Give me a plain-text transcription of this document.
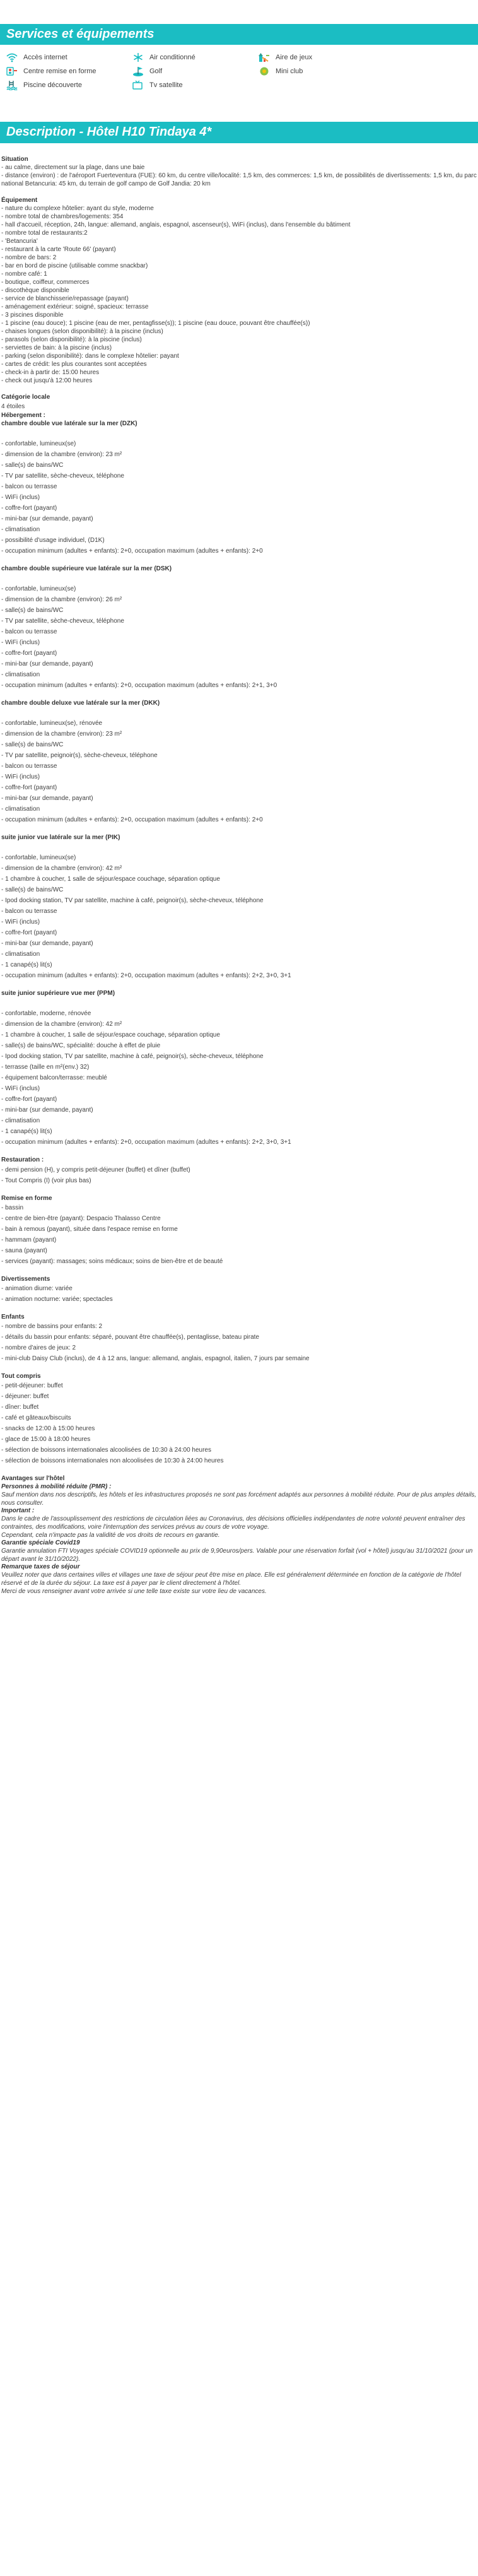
Services et équipements
Accès internet	Air conditionné	Aire de jeux
Centre remise en forme	Golf	Mini club
Piscine découverte	Tv satellite
Description - Hôtel H10 Tindaya 4*

Situation

- au calme, directement sur la plage, dans une baie

- distance (environ) : de l'aéroport Fuerteventura (FUE): 60 km, du centre ville/localité: 1,5 km, des commerces: 1,5 km, de possibilités de divertissements: 1,5 km, du parc national Betancuria: 45 km, du terrain de golf campo de Golf Jandia: 20 km

Équipement

- nature du complexe hôtelier: ayant du style, moderne

- nombre total de chambres/logements: 354

- hall d'accueil, réception, 24h, langue: allemand, anglais, espagnol, ascenseur(s), WiFi (inclus), dans l'ensemble du bâtiment

- nombre total de restaurants:2

- 'Betancuria'

- restaurant à la carte 'Route 66' (payant)

- nombre de bars: 2

- bar en bord de piscine (utilisable comme snackbar)

- nombre café: 1

- boutique, coiffeur, commerces

- discothèque disponible

- service de blanchisserie/repassage (payant)

- aménagement extérieur: soigné, spacieux: terrasse

- 3 piscines disponible

- 1 piscine (eau douce); 1 piscine (eau de mer, pentagfisse(s)); 1 piscine (eau douce, pouvant être chauffée(s))

- chaises longues (selon disponibilité): à la piscine (inclus)

- parasols (selon disponibilité): à la piscine (inclus)

- serviettes de bain: à la piscine (inclus)

- parking (selon disponibilité): dans le complexe hôtelier: payant

- cartes de crédit: les plus courantes sont acceptées

- check-in à partir de: 15:00 heures

- check out jusqu'à 12:00 heures

Catégorie locale

4 étoiles

Hébergement :

chambre double vue latérale sur la mer (DZK)

- confortable, lumineux(se)

- dimension de la chambre (environ): 23 m²

- salle(s) de bains/WC

- TV par satellite, sèche-cheveux, téléphone

- balcon ou terrasse

- WiFi (inclus)

- coffre-fort (payant)

- mini-bar (sur demande, payant)

- climatisation

- possibilité d'usage individuel, (D1K)

- occupation minimum (adultes + enfants): 2+0, occupation maximum (adultes + enfants): 2+0

chambre double supérieure vue latérale sur la mer (DSK)

- confortable, lumineux(se)

- dimension de la chambre (environ): 26 m²

- salle(s) de bains/WC

- TV par satellite, sèche-cheveux, téléphone

- balcon ou terrasse

- WiFi (inclus)

- coffre-fort (payant)

- mini-bar (sur demande, payant)

- climatisation

- occupation minimum (adultes + enfants): 2+0, occupation maximum (adultes + enfants): 2+1, 3+0

chambre double deluxe vue latérale sur la mer (DKK)

- confortable, lumineux(se), rénovée

- dimension de la chambre (environ): 23 m²

- salle(s) de bains/WC

- TV par satellite, peignoir(s), sèche-cheveux, téléphone

- balcon ou terrasse

- WiFi (inclus)

- coffre-fort (payant)

- mini-bar (sur demande, payant)

- climatisation

- occupation minimum (adultes + enfants): 2+0, occupation maximum (adultes + enfants): 2+0

suite junior vue latérale sur la mer (PIK)

- confortable, lumineux(se)

- dimension de la chambre (environ): 42 m²

- 1 chambre à coucher, 1 salle de séjour/espace couchage, séparation optique

- salle(s) de bains/WC

- Ipod docking station, TV par satellite, machine à café, peignoir(s), sèche-cheveux, téléphone

- balcon ou terrasse

- WiFi (inclus)

- coffre-fort (payant)

- mini-bar (sur demande, payant)

- climatisation

- 1 canapé(s) lit(s)

- occupation minimum (adultes + enfants): 2+0, occupation maximum (adultes + enfants): 2+2, 3+0, 3+1

suite junior supérieure vue mer (PPM)

- confortable, moderne, rénovée

- dimension de la chambre (environ): 42 m²

- 1 chambre à coucher, 1 salle de séjour/espace couchage, séparation optique

- salle(s) de bains/WC, spécialité: douche à effet de pluie

- Ipod docking station, TV par satellite, machine à café, peignoir(s), sèche-cheveux, téléphone

- terrasse (taille en m²(env.) 32)

- équipement balcon/terrasse: meublé

- WiFi (inclus)

- coffre-fort (payant)

- mini-bar (sur demande, payant)

- climatisation

- 1 canapé(s) lit(s)

- occupation minimum (adultes + enfants): 2+0, occupation maximum (adultes + enfants): 2+2, 3+0, 3+1

Restauration :

- demi pension (H), y compris petit-déjeuner (buffet) et dîner (buffet)

- Tout Compris (I) (voir plus bas)

Remise en forme

- bassin

- centre de bien-être (payant): Despacio Thalasso Centre

- bain à remous (payant), située dans l'espace remise en forme

- hammam (payant)

- sauna (payant)

- services (payant): massages; soins médicaux; soins de bien-être et de beauté

Divertissements

- animation diurne: variée

- animation nocturne: variée; spectacles

Enfants

- nombre de bassins pour enfants: 2

- détails du bassin pour enfants: séparé, pouvant être chauffée(s), pentaglisse, bateau pirate

- nombre d'aires de jeux: 2

- mini-club Daisy Club (inclus), de 4 à 12 ans, langue: allemand, anglais, espagnol, italien, 7 jours par semaine

Tout compris

- petit-déjeuner: buffet

- déjeuner: buffet

- dîner: buffet

- café et gâteaux/biscuits

- snacks de 12:00 à 15:00 heures

- glace de 15:00 à 18:00 heures

- sélection de boissons internationales alcoolisées de 10:30 à 24:00 heures

- sélection de boissons internationales non alcoolisées de 10:30 à 24:00 heures

Avantages sur l'hôtel

Personnes à mobilité réduite (PMR) :

Sauf mention dans nos descriptifs, les hôtels et les infrastructures proposés ne sont pas forcément adaptés aux personnes à mobilité réduite. Pour de plus amples détails, nous consulter.

Important :

Dans le cadre de l'assouplissement des restrictions de circulation liées au Coronavirus, des décisions officielles indépendantes de notre volonté peuvent entraîner des contraintes, des modifications, voire l'interruption des services prévus au cours de votre voyage.

Cependant, cela n'impacte pas la validité de vos droits de recours en garantie.

Garantie spéciale Covid19

Garantie annulation FTI Voyages spéciale COVID19 optionnelle au prix de 9,90euros/pers. Valable pour une réservation forfait (vol + hôtel) jusqu'au 31/10/2021 (pour un départ avant le 31/10/2022).

Remarque taxes de séjour

Veuillez noter que dans certaines villes et villages une taxe de séjour peut être mise en place. Elle est généralement déterminée en fonction de la catégorie de l'hôtel réservé et de la durée du séjour. La taxe est à payer par le client directement à l'hôtel.

Merci de vous renseigner avant votre arrivée si une telle taxe existe sur votre lieu de vacances.
